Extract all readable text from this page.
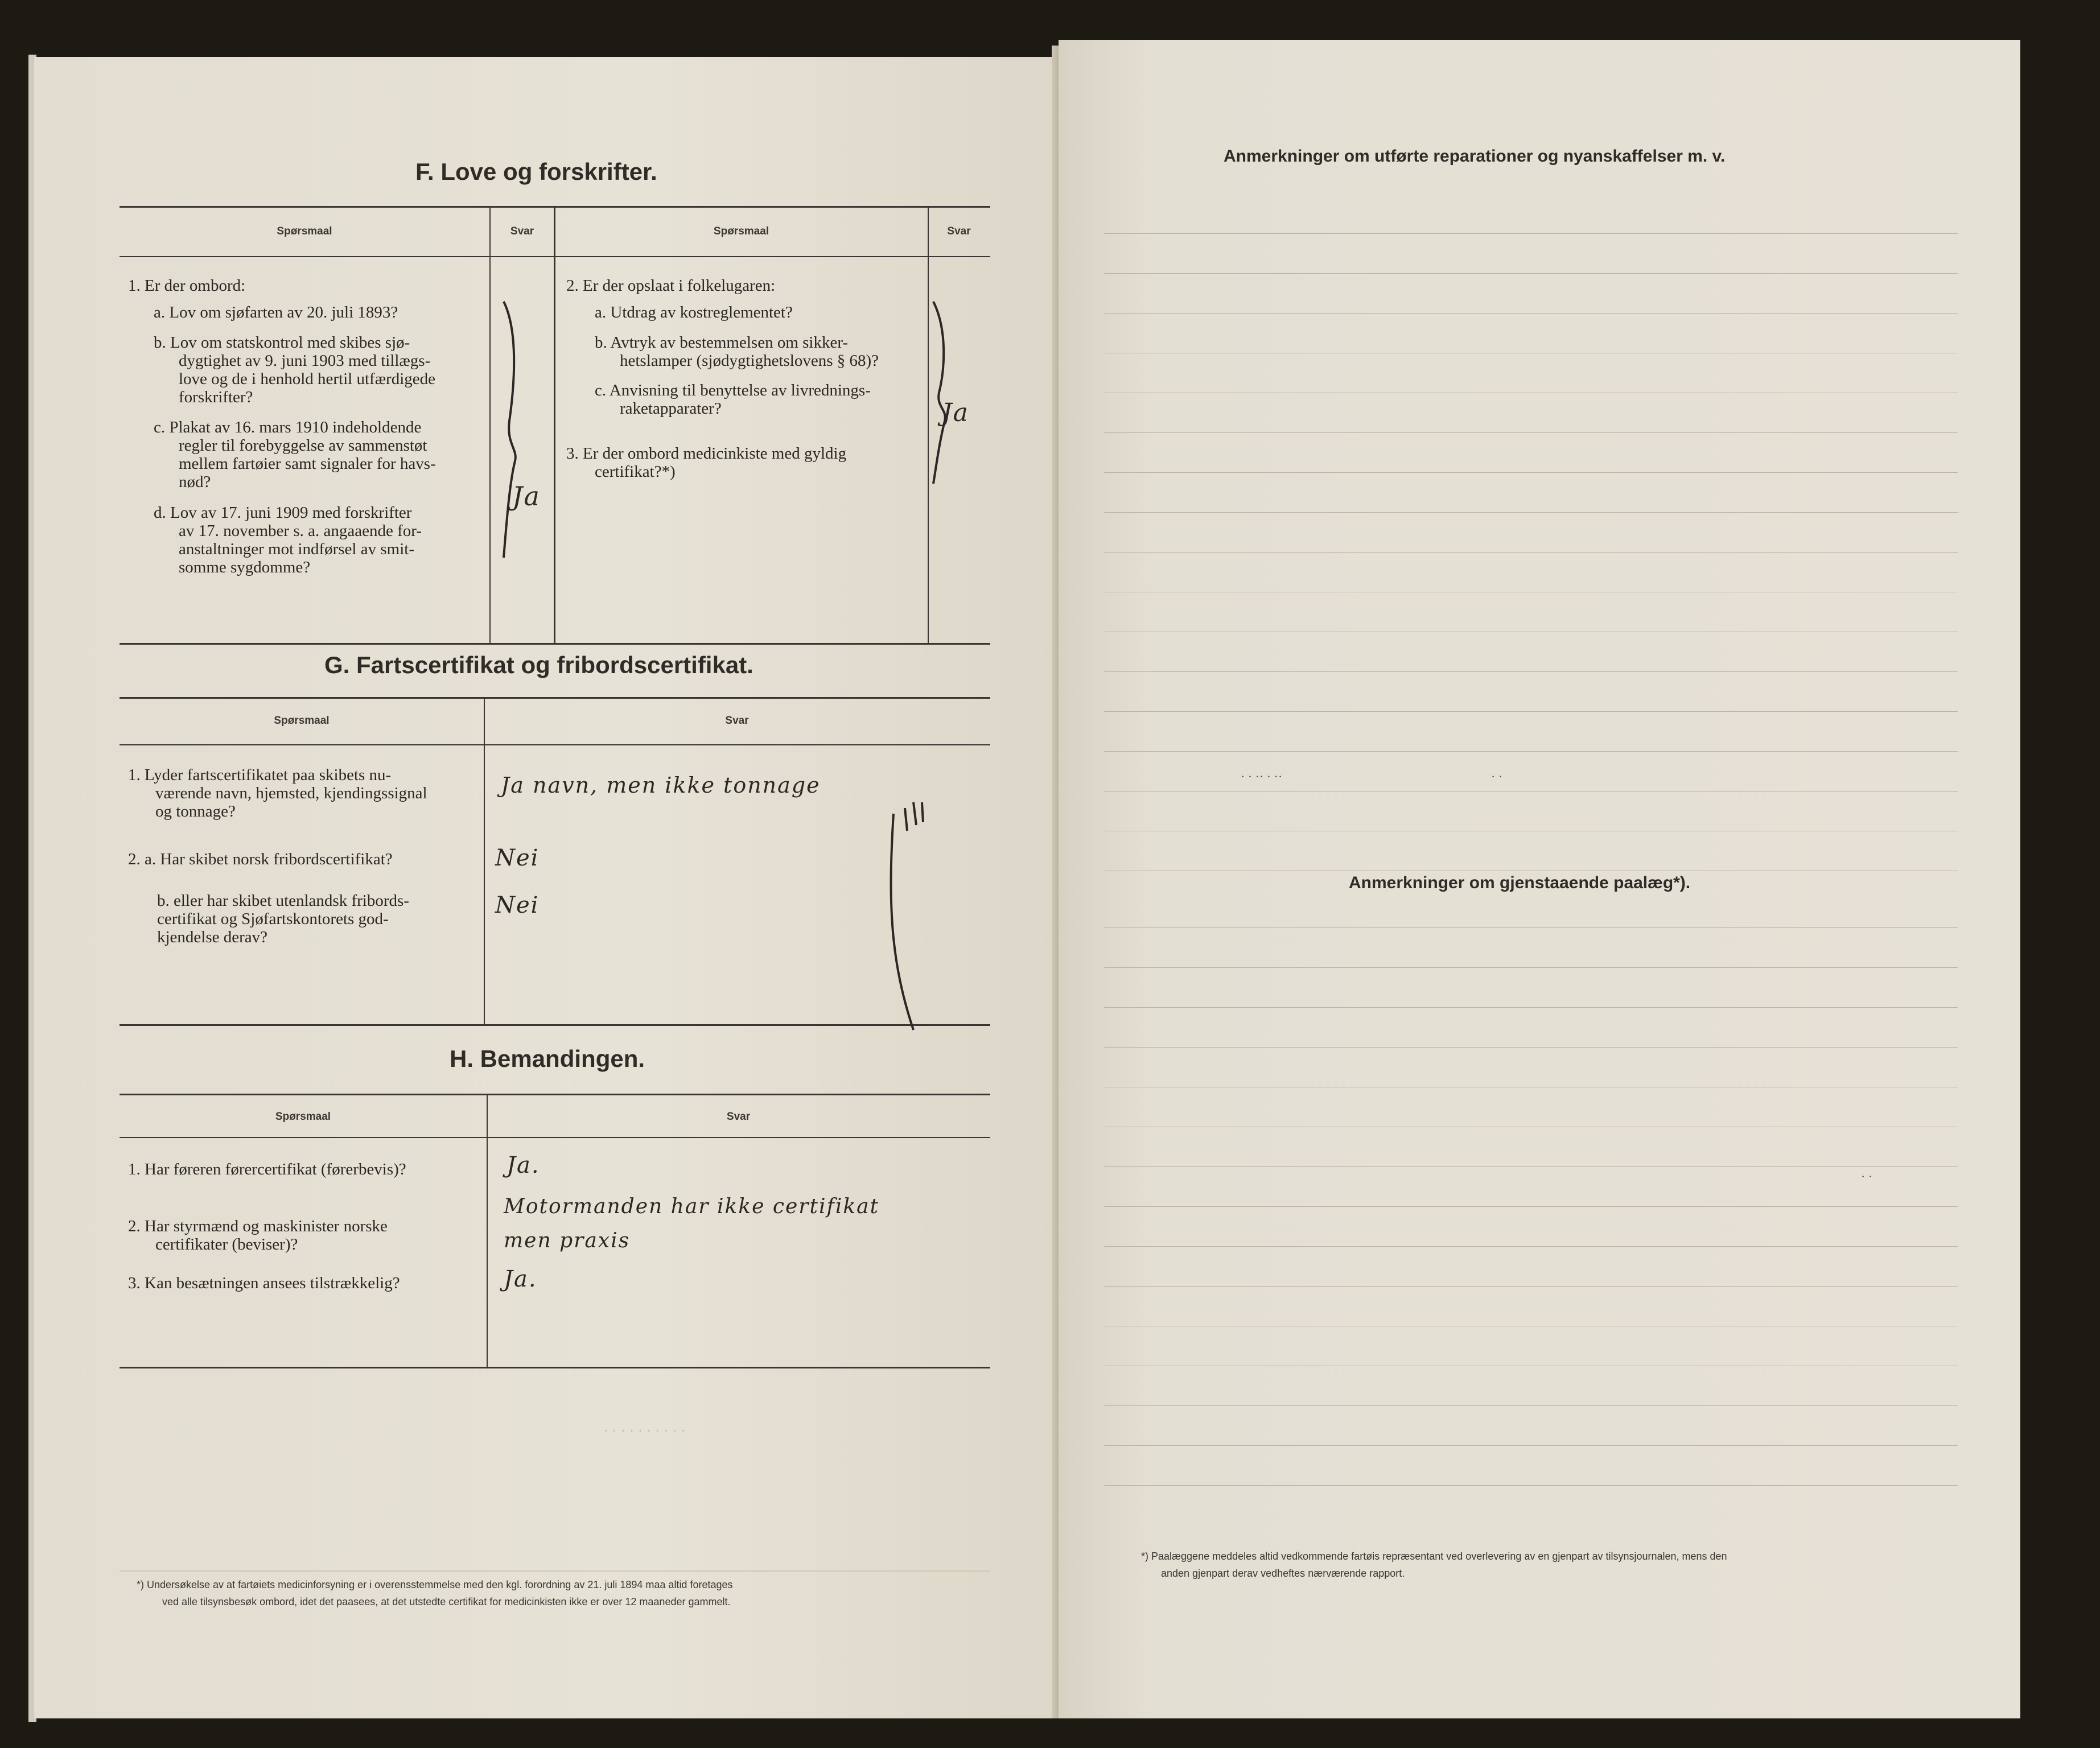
F. Love og forskrifter.
Spørsmaal	Svar	Spørsmaal	Svar
1. Er der ombord:
a. Lov om sjøfarten av 20. juli 1893?
b. Lov om statskontrol med skibes sjø-
dygtighet av 9. juni 1903 med tillægs-
love og de i henhold hertil utfærdigede
forskrifter?
c. Plakat av 16. mars 1910 indeholdende
regler til forebyggelse av sammenstøt
mellem fartøier samt signaler for havs-
nød?
d. Lov av 17. juni 1909 med forskrifter
av 17. november s. a. angaaende for-
anstaltninger mot indførsel av smit-
somme sygdomme?
Ja
2. Er der opslaat i folkelugaren:
a. Utdrag av kostreglementet?
b. Avtryk av bestemmelsen om sikker-
hetslamper (sjødygtighetslovens § 68)?
c. Anvisning til benyttelse av livrednings-
raketapparater?
3. Er der ombord medicinkiste med gyldig
certifikat?*)
Ja
G. Fartscertifikat og fribordscertifikat.
Spørsmaal	Svar
1. Lyder fartscertifikatet paa skibets nu-
værende navn, hjemsted, kjendingssignal
og tonnage?
Ja navn, men ikke tonnage
2. a. Har skibet norsk fribordscertifikat?	Nei
b. eller har skibet utenlandsk fribords-
certifikat og Sjøfartskontorets god-
kjendelse derav?
Nei
H. Bemandingen.
Spørsmaal	Svar
1. Har føreren førercertifikat (førerbevis)?	Ja.
2. Har styrmænd og maskinister norske
certifikater (beviser)?
Motormanden har ikke certifikat
men praxis
3. Kan besætningen ansees tilstrækkelig?	Ja.
· · · · · · · · · ·
*) Undersøkelse av at fartøiets medicinforsyning er i overensstemmelse med den kgl. forordning av 21. juli 1894 maa altid foretages
ved alle tilsynsbesøk ombord, idet det paasees, at det utstedte certifikat for medicinkisten ikke er over 12 maaneder gammelt.
Anmerkninger om utførte reparationer og nyanskaffelser m. v.
· · ·· · ··	· ·
Anmerkninger om gjenstaaende paalæg*).
· ·
*) Paalæggene meddeles altid vedkommende fartøis repræsentant ved overlevering av en gjenpart av tilsynsjournalen, mens den
anden gjenpart derav vedheftes nærværende rapport.
